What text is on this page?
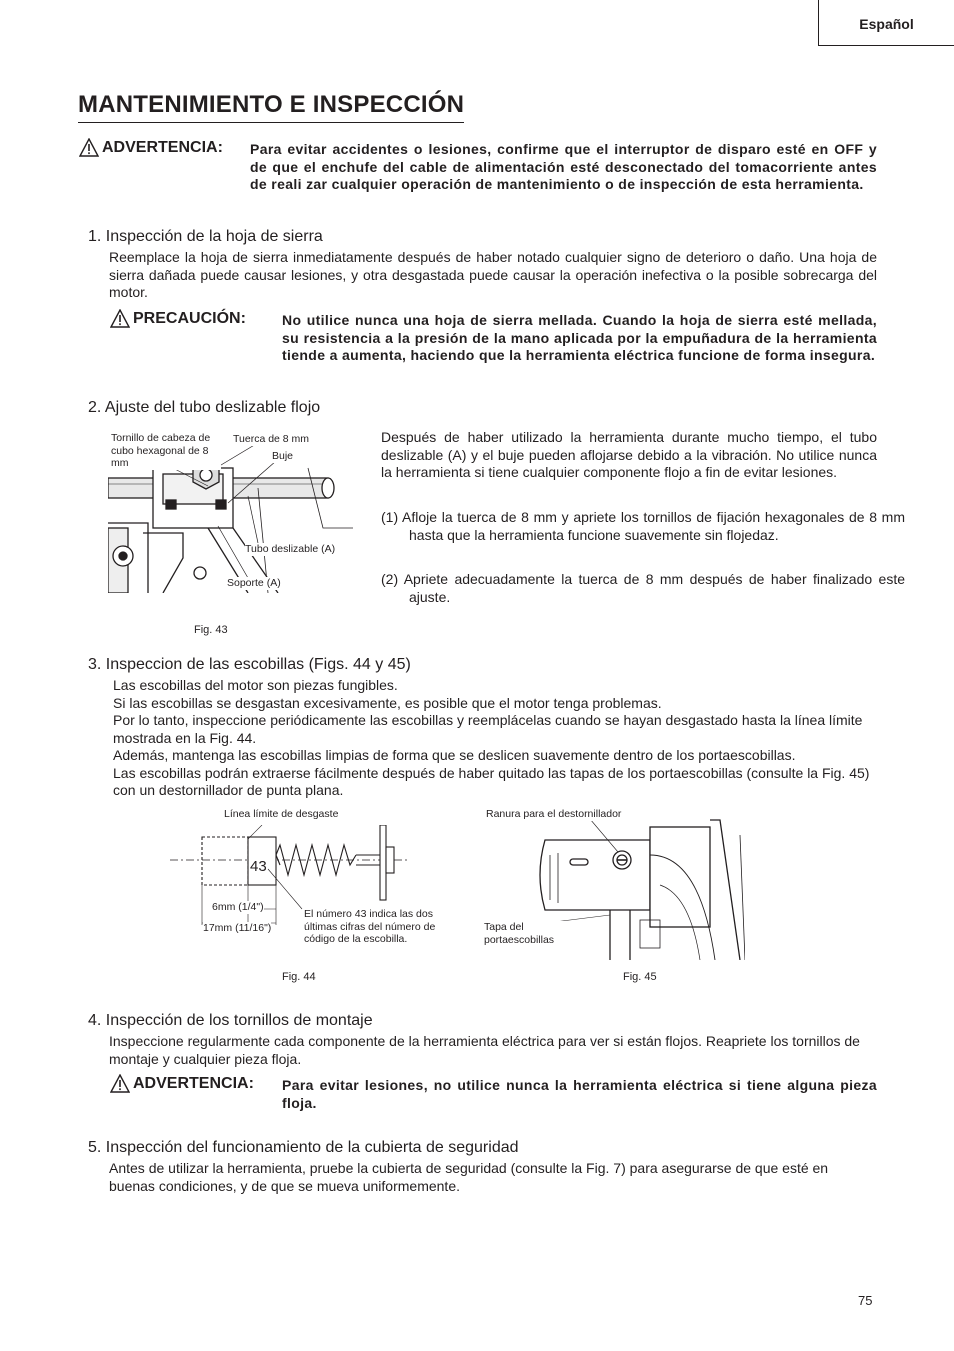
Español
MANTENIMIENTO E INSPECCIÓN
ADVERTENCIA: Para evitar accidentes o lesiones, confirme que el interruptor de disparo esté en OFF y de que el enchufe del cable de alimentación esté desconectado del tomacorriente antes de reali zar cualquier operación de mantenimiento o de inspección de esta herramienta.
1. Inspección de la hoja de sierra
Reemplace la hoja de sierra inmediatamente después de haber notado cualquier signo de deterioro o daño. Una hoja de sierra dañada puede causar lesiones, y otra desgastada puede causar la operación inefectiva o la posible sobrecarga del motor.
PRECAUCIÓN:	No utilice nunca una hoja de sierra mellada. Cuando la hoja de sierra esté mellada, su resistencia a la presión de la mano aplicada por la empuñadura de la herramienta tiende a aumenta, haciendo que la herramienta eléctrica funcione de forma insegura.
2. Ajuste del tubo deslizable flojo
Tornillo de cabeza de cubo hexagonal de 8 mm
Tuerca de 8 mm
Buje
Tubo deslizable (A)
Soporte (A)
Fig. 43
Después de haber utilizado la herramienta durante mucho tiempo, el tubo deslizable (A) y el buje pueden aflojarse debido a la vibración. No utilice nunca la herramienta si tiene cualquier componente flojo a fin de evitar lesiones.
(1) Afloje la tuerca de 8 mm y apriete los tornillos de fijación hexagonales de 8 mm hasta que la herramienta funcione suavemente sin flojedaz.
(2) Apriete adecuadamente la tuerca de 8 mm después de haber finalizado este ajuste.
3. Inspeccion de las escobillas (Figs. 44 y 45)
Las escobillas del motor son piezas fungibles.
Si las escobillas se desgastan excesivamente, es posible que el motor tenga problemas.
Por lo tanto, inspeccione periódicamente las escobillas y reemplácelas cuando se hayan desgastado hasta la línea límite mostrada en la Fig. 44.
Además, mantenga las escobillas limpias de forma que se deslicen suavemente dentro de los portaescobillas.
Las escobillas podrán extraerse fácilmente después de haber quitado las tapas de los portaescobillas (consulte la Fig. 45) con un destornillador de punta plana.
Línea límite de desgaste
43
6mm (1/4")
17mm (11/16")
El número 43 indica las dos últimas cifras del número de código de la escobilla.
Fig. 44
Ranura para el destornillador
Tapa del portaescobillas
Fig. 45
4. Inspección de los tornillos de montaje
Inspeccione regularmente cada componente de la herramienta eléctrica para ver si están flojos. Reapriete los tornillos de montaje y cualquier pieza floja.
ADVERTENCIA: Para evitar lesiones, no utilice nunca la herramienta eléctrica si tiene alguna pieza floja.
5. Inspección del funcionamiento de la cubierta de seguridad
Antes de utilizar la herramienta, pruebe la cubierta de seguridad (consulte la Fig. 7) para asegurarse de que esté en buenas condiciones, y de que se mueva uniformemente.
75
